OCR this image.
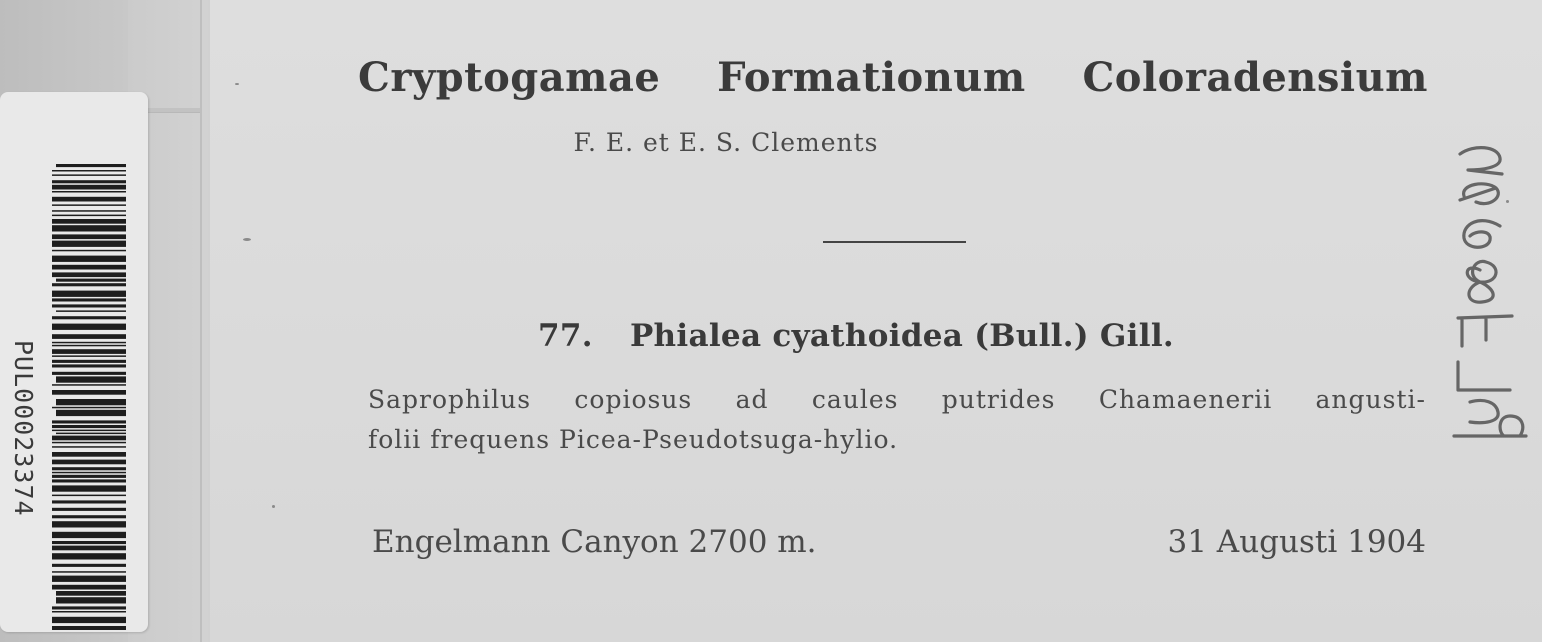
PUL00023374
Cryptogamae Formationum Coloradensium
F. E. et E. S. Clements
77. Phialea cyathoidea (Bull.) Gill.
Saprophilus copiosus ad caules putrides Chamaenerii angusti-
folii frequens Picea-Pseudotsuga-hylio.
Engelmann Canyon 2700 m.	31 Augusti 1904
